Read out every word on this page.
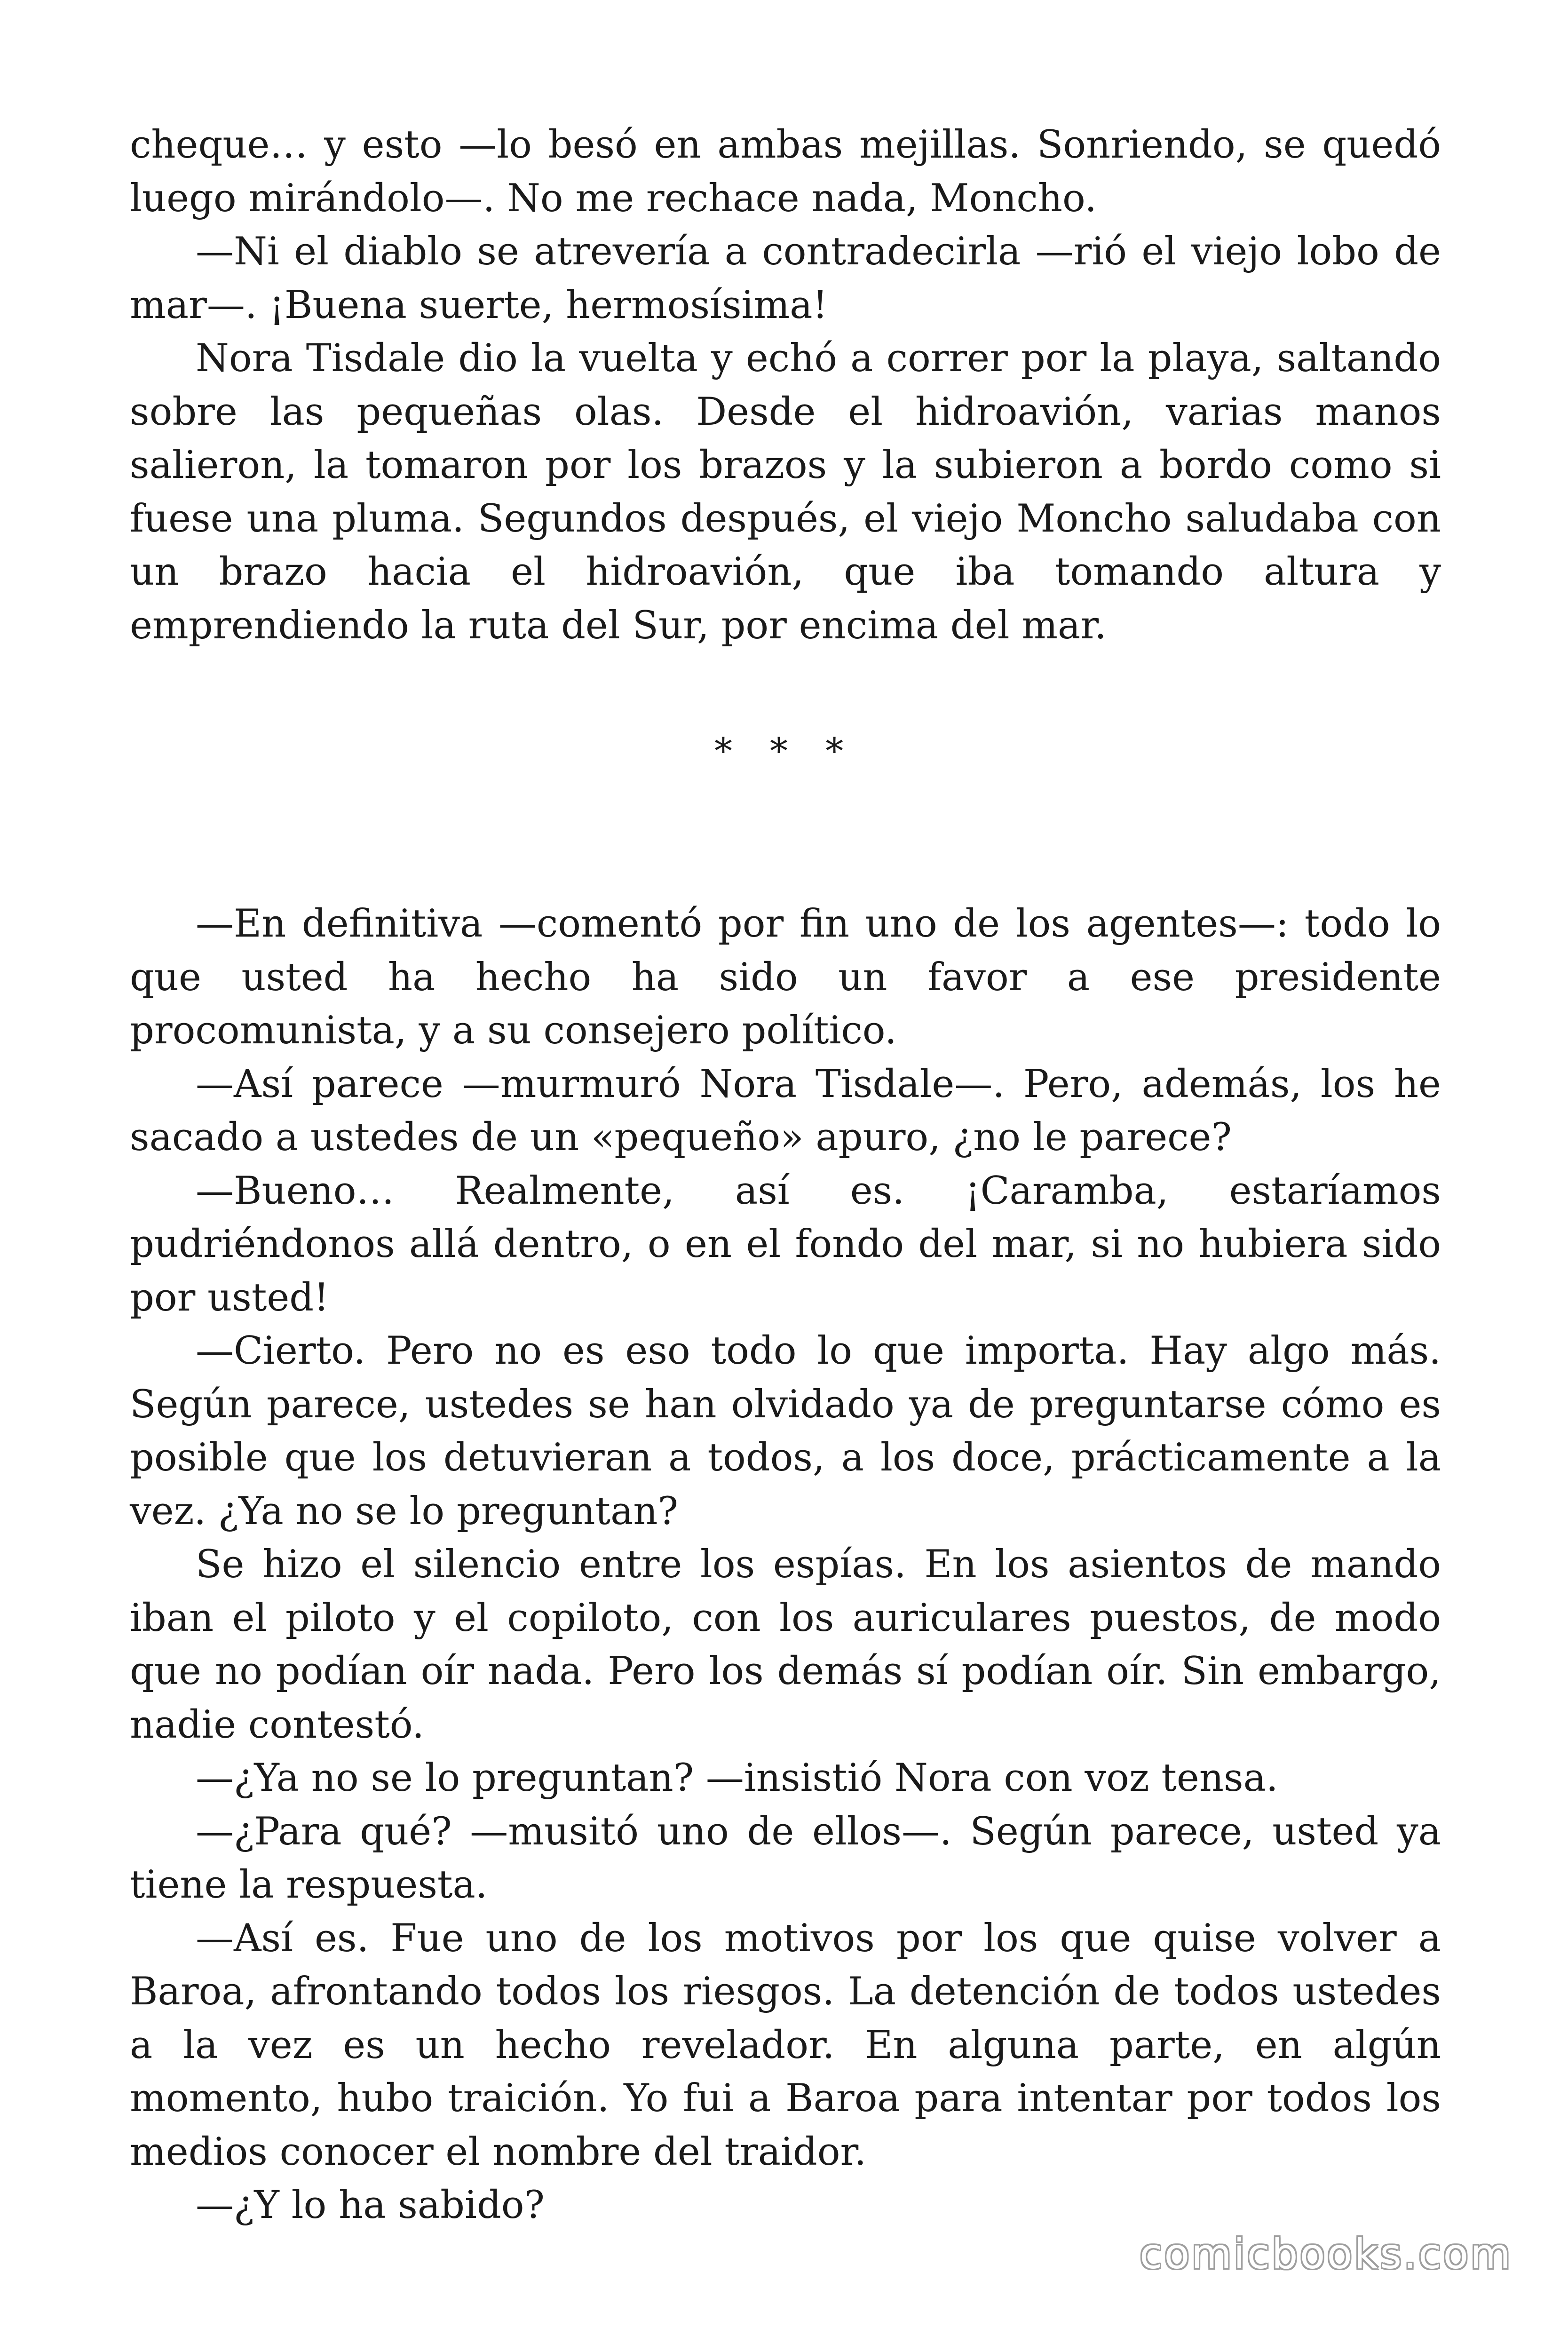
cheque… y esto —lo besó en ambas mejillas. Sonriendo, se quedó luego mirándolo—. No me rechace nada, Moncho.

—Ni el diablo se atrevería a contradecirla —rió el viejo lobo de mar—. ¡Buena suerte, hermosísima!

Nora Tisdale dio la vuelta y echó a correr por la playa, saltando sobre las pequeñas olas. Desde el hidroavión, varias manos salieron, la tomaron por los brazos y la subieron a bordo como si fuese una pluma. Segundos después, el viejo Moncho saludaba con un brazo hacia el hidroavión, que iba tomando altura y emprendiendo la ruta del Sur, por encima del mar.

* * *

—En definitiva —comentó por fin uno de los agentes—: todo lo que usted ha hecho ha sido un favor a ese presidente procomunista, y a su consejero político.

—Así parece —murmuró Nora Tisdale—. Pero, además, los he sacado a ustedes de un «pequeño» apuro, ¿no le parece?

—Bueno… Realmente, así es. ¡Caramba, estaríamos pudriéndonos allá dentro, o en el fondo del mar, si no hubiera sido por usted!

—Cierto. Pero no es eso todo lo que importa. Hay algo más. Según parece, ustedes se han olvidado ya de preguntarse cómo es posible que los detuvieran a todos, a los doce, prácticamente a la vez. ¿Ya no se lo preguntan?

Se hizo el silencio entre los espías. En los asientos de mando iban el piloto y el copiloto, con los auriculares puestos, de modo que no podían oír nada. Pero los demás sí podían oír. Sin embargo, nadie contestó.

—¿Ya no se lo preguntan? —insistió Nora con voz tensa.

—¿Para qué? —musitó uno de ellos—. Según parece, usted ya tiene la respuesta.

—Así es. Fue uno de los motivos por los que quise volver a Baroa, afrontando todos los riesgos. La detención de todos ustedes a la vez es un hecho revelador. En alguna parte, en algún momento, hubo traición. Yo fui a Baroa para intentar por todos los medios conocer el nombre del traidor.

—¿Y lo ha sabido?

comicbooks.com
